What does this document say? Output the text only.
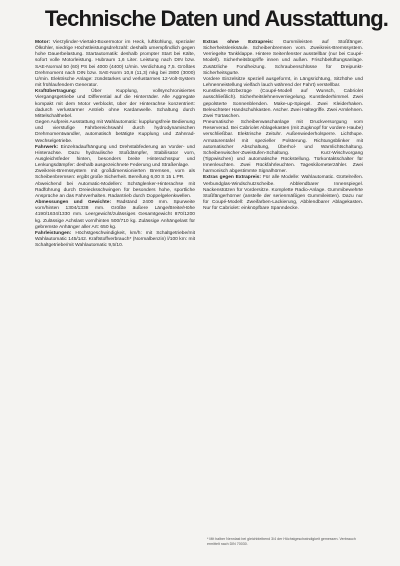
Technische Daten und Ausstattung.

Motor: Vierzylinder-Viertakt-Boxermotor im Heck, luftkühlung, spezialer Ölkühler, niedrige Höchstleistungsdrehzahl: deshalb umempfindlich gegen hohe Dauerbelastung. Startautomatik: deshalb prompter Start bei Kälte, sofort volle Motorleistung. Hubraum 1,6 Liter. Leistung nach DIN bzw. SAE-Normal 50 (60) PS bei 4000 (4400) U/min. Verdichtung 7,5. Größtes Drehmoment nach DIN bzw. SAE-Norm 10,8 (11,3) mkg bei 2800 (3000) U/min. Elektrische Anlage: zündstarkes und verlustarmes 12-Volt-System mit frühlaufendem Generator.

Kraftübertragung:	Über Kupplung, vollsynchronisiertes Viergangsgetriebe und Differential auf die Hinterräder. Alle Aggregate kompakt mit dem Motor verblockt, über der Hinterachse konzentriert: dadurch verlustarmer Antrieb ohne Kardanwelle. Schaltung durch Mittelschalthebel.

Gegen Aufpreis Ausstattung mit Wahlautomatic: kupplungsfreie Bedienung und vierstufige Fahrbereichswahl durch hydrodynamischen Drehmomentwandler, automatisch betätigte Kupplung und Zahnrad-Wechselgetriebe.

Fahrwerk: Einzelradaufhängung und Drehstabfederung an Vorder- und Hinterachse. Dazu hydraulische Stoßdämpfer, Stabilisator vorn, Ausgleichsfeder hinten, besonders breite Hinterachsspur und Lenkungsdämpfer: deshalb ausgezeichnete Federung und Straßenlage.

Zweikreis-Bremssystem mit großdimensionierten Bremsen, vorn als Scheibenbremsen: ergibt große Sicherheit. Bereifung 6,00 S 15 L PR.

Abweichend bei Automatic-Modellen: Schräglenker-Hinterachse mit Radführung durch Dreiecksschwingen für besonders hohe, sportliche Ansprüche an das Fahrverhalten. Radantrieb durch Doppelgelenkwellen.

Abmessungen und Gewichte: Radstand 2400 mm. Spurweite vorn/hinten 1304/1338 mm. Größte äußere Länge/Breite/Höhe 4190/1634/1330 mm. Leergewicht/zulässiges Gesamtgewicht 870/1200 kg. Zulässige Achslast vorn/hinten 500/710 kg. Zulässige Anhängelast für gebremste Anhänger aller Art: 650 kg.

Fahrleistungen: Höchstgeschwindigkeit, km/h: mit Schaltgetriebe/mit Wahlautomatic 145/142. Kraftstoffverbrauch* (Normalbenzin) l/100 km: mit Schaltgetriebe/mit Wahlautomatic 9,5/10.

Extras ohne Extrapreis: Gummileisten auf Stoßfänger. Sicherheitslenksäule. Scheibenbremsen vorn. Zweikreis-Bremssystem. Verriegelte Tankklappe. Hintere Seitenfenster ausstellbar (nur bei Coupé-Modell). Sicherheitsbügriffe innen und außen. Frischbelüftungsanlage. Zusätzliche Fondheizung. Schraubenschlüsse für Dreipunkt-Sicherheitsgurte.

Vordere Einzelsitze speziell ausgeformt, in Längsrichtung, Sitzhöhe und Lehnenneistellung vielfach lauch während der Fahrt) verstellbar.

Kunstleder-Sitzbezüge (Coupé-Modell auf Wunsch, Cabriolet ausschließlich). Sicherheitslehnenverriegelung. Kunstlederhimmel. Zwei gepolsterte Sonnenblenden. Make-up-Spiegel. Zwei Kleiderhaken. Beleuchteter Handschuhkasten. Ascher. Zwei Haltegriffe. Zwei Armlehnen. Zwei Türtaschen.

Pneumatische Scheibenwaschanlage mit Druckversorgung vom Reserverad. Bei Cabriolet Ablagekasten (mit Zugknopf für vordere Haube) verschließbar. Elektrische Zeituhr. Außenwiederholsperre. Lichthupe. Armaturentafel mit spezieller Polsterung. Richtungsblinker mit automatischer Abschaltung, Überhol- und Warnlichtschaltung. Scheibenwischer-Zweistufen-Schaltung. Kurz-Wischvorgang (Tippwischen) und automatische Rückstellung. Türkontaktschalter für Innenleuchten. Zwei Rückfahrleuchten. Tageskilometerzähler. Zwei harmonisch abgestimmte Signalhörner.

Extras gegen Extrapreis: Für alle Modelle: Wahlautomatic. Gürtelreifen. Verbundglas-Windschutzscheibe. Abblendbarer Innenspiegel. Nackenstützen für Vordersitze. Komplette Radio-Anlage. Gummibewehrte Stoßfängerhörner (anstelle der serienmäßigen Gummileisten). Dazu nur für Coupé-Modell: Zweifarben-Lackierung, Abblendbarer Ablagekasten. Nur für Cabriolet: einknöpfbare Spanndecke.

* Mit halber Nennlast bei gleichbleibend 3/4 der Höchstgeschwindigkeit gemessen. Verbrauch ermittelt nach DIN 70030.
